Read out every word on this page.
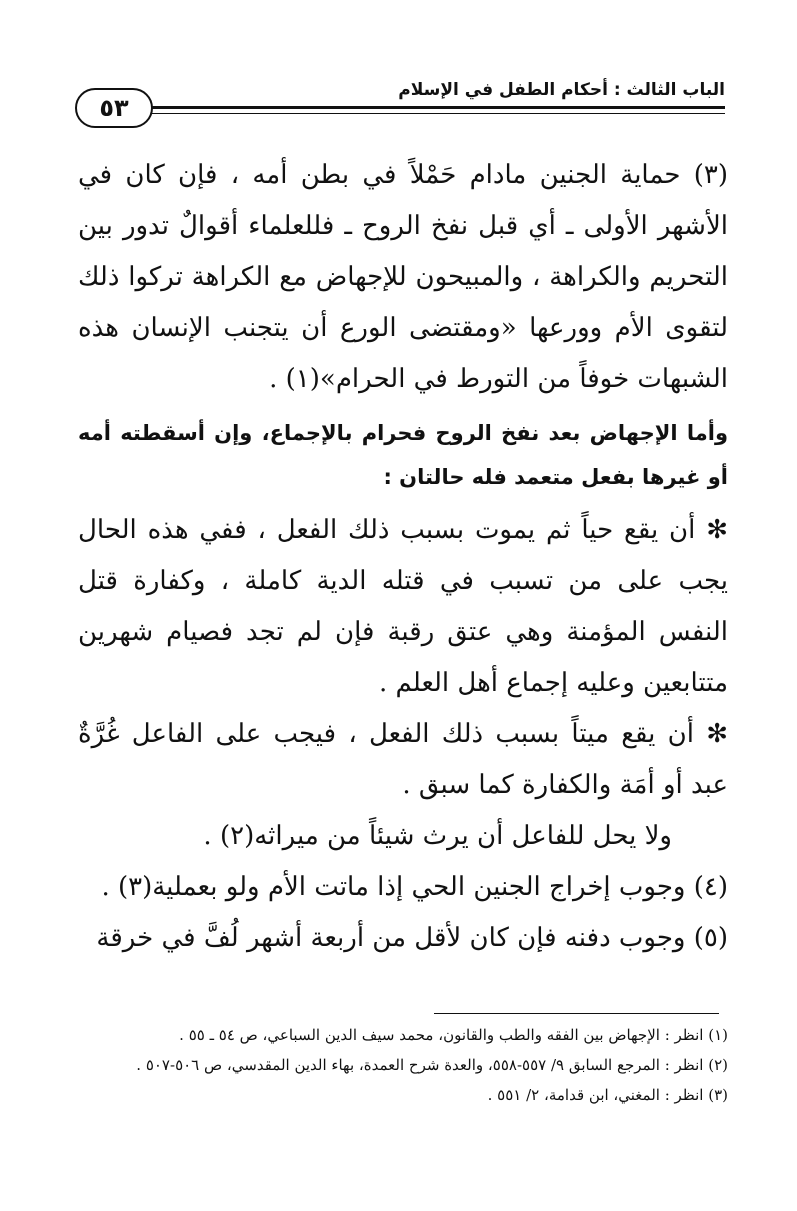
الباب الثالث : أحكام الطفل في الإسلام
٥٣

(٣) حماية الجنين مادام حَمْلاً في بطن أمه ، فإن كان في الأشهر الأولى ـ أي قبل نفخ الروح ـ فللعلماء أقوالٌ تدور بين التحريم والكراهة ، والمبيحون للإجهاض مع الكراهة تركوا ذلك لتقوى الأم وورعها «ومقتضى الورع أن يتجنب الإنسان هذه الشبهات خوفاً من التورط في الحرام»(١) .

وأما الإجهاض بعد نفخ الروح فحرام بالإجماع، وإن أسقطته أمه أو غيرها بفعل متعمد فله حالتان :

✻ أن يقع حياً ثم يموت بسبب ذلك الفعل ، ففي هذه الحال يجب على من تسبب في قتله الدية كاملة ، وكفارة قتل النفس المؤمنة وهي عتق رقبة فإن لم تجد فصيام شهرين متتابعين وعليه إجماع أهل العلم .

✻ أن يقع ميتاً بسبب ذلك الفعل ، فيجب على الفاعل غُرَّةٌ عبد أو أمَة والكفارة كما سبق .

ولا يحل للفاعل أن يرث شيئاً من ميراثه(٢) .

(٤) وجوب إخراج الجنين الحي إذا ماتت الأم ولو بعملية(٣) .

(٥) وجوب دفنه فإن كان لأقل من أربعة أشهر لُفَّ في خرقة

(١) انظر : الإجهاض بين الفقه والطب والقانون، محمد سيف الدين السباعي، ص ٥٤ ـ ٥٥ .

(٢) انظر : المرجع السابق ٩/ ٥٥٧-٥٥٨، والعدة شرح العمدة، بهاء الدين المقدسي، ص ٥٠٦-٥٠٧ .

(٣) انظر : المغني، ابن قدامة، ٢/ ٥٥١ .
